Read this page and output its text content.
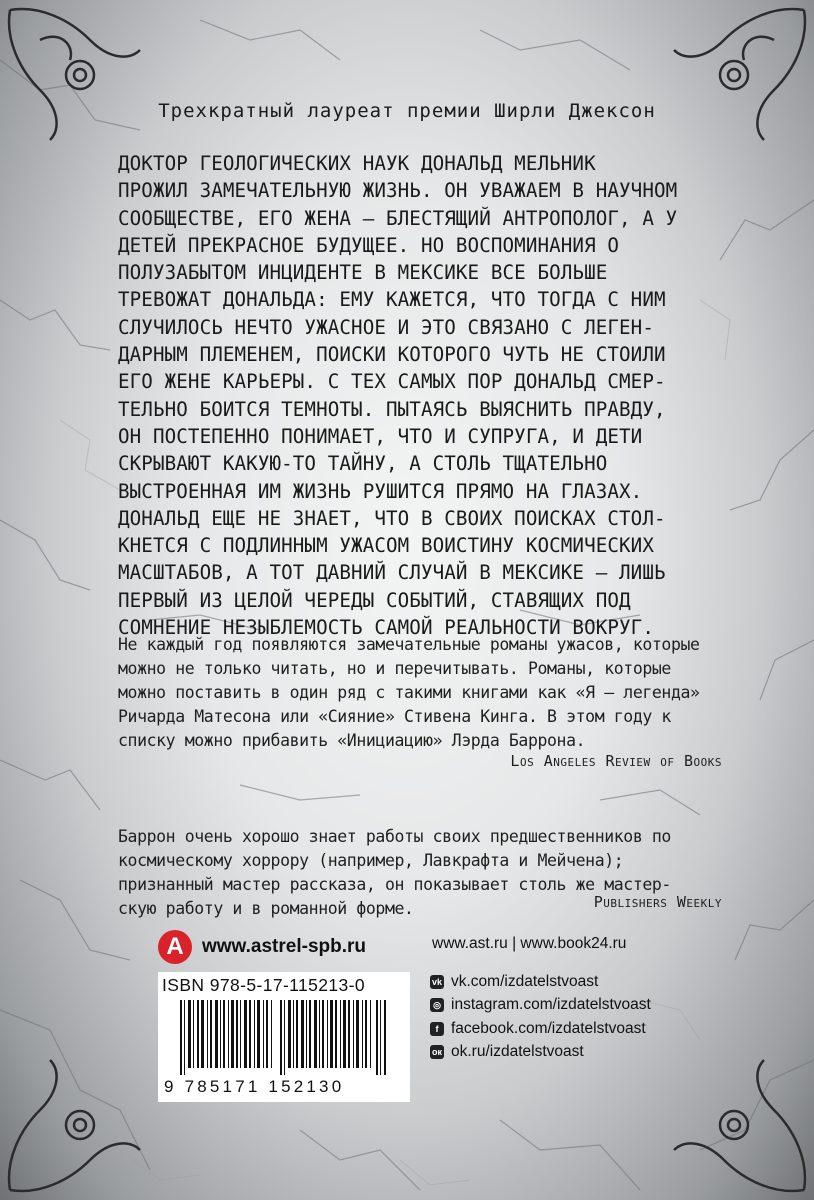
Трехкратный лауреат премии Ширли Джексон
ДОКТОР ГЕОЛОГИЧЕСКИХ НАУК ДОНАЛЬД МЕЛЬНИК
ПРОЖИЛ ЗАМЕЧАТЕЛЬНУЮ ЖИЗНЬ. ОН УВАЖАЕМ В НАУЧНОМ
СООБЩЕСТВЕ, ЕГО ЖЕНА — БЛЕСТЯЩИЙ АНТРОПОЛОГ, А У
ДЕТЕЙ ПРЕКРАСНОЕ БУДУЩЕЕ. НО ВОСПОМИНАНИЯ О
ПОЛУЗАБЫТОМ ИНЦИДЕНТЕ В МЕКСИКЕ ВСЕ БОЛЬШЕ
ТРЕВОЖАТ ДОНАЛЬДА: ЕМУ КАЖЕТСЯ, ЧТО ТОГДА С НИМ
СЛУЧИЛОСЬ НЕЧТО УЖАСНОЕ И ЭТО СВЯЗАНО С ЛЕГЕН-
ДАРНЫМ ПЛЕМЕНЕМ, ПОИСКИ КОТОРОГО ЧУТЬ НЕ СТОИЛИ
ЕГО ЖЕНЕ КАРЬЕРЫ. С ТЕХ САМЫХ ПОР ДОНАЛЬД СМЕР-
ТЕЛЬНО БОИТСЯ ТЕМНОТЫ. ПЫТАЯСЬ ВЫЯСНИТЬ ПРАВДУ,
ОН ПОСТЕПЕННО ПОНИМАЕТ, ЧТО И СУПРУГА, И ДЕТИ
СКРЫВАЮТ КАКУЮ-ТО ТАЙНУ, А СТОЛЬ ТЩАТЕЛЬНО
ВЫСТРОЕННАЯ ИМ ЖИЗНЬ РУШИТСЯ ПРЯМО НА ГЛАЗАХ.
ДОНАЛЬД ЕЩЕ НЕ ЗНАЕТ, ЧТО В СВОИХ ПОИСКАХ СТОЛ-
КНЕТСЯ С ПОДЛИННЫМ УЖАСОМ ВОИСТИНУ КОСМИЧЕСКИХ
МАСШТАБОВ, А ТОТ ДАВНИЙ СЛУЧАЙ В МЕКСИКЕ — ЛИШЬ
ПЕРВЫЙ ИЗ ЦЕЛОЙ ЧЕРЕДЫ СОБЫТИЙ, СТАВЯЩИХ ПОД
СОМНЕНИЕ НЕЗЫБЛЕМОСТЬ САМОЙ РЕАЛЬНОСТИ ВОКРУГ.
Не каждый год появляются замечательные романы ужасов, которые
можно не только читать, но и перечитывать. Романы, которые
можно поставить в один ряд с такими книгами как «Я — легенда»
Ричарда Матесона или «Сияние» Стивена Кинга. В этом году к
списку можно прибавить «Инициацию» Лэрда Баррона.
Los Angeles Review of Books
Баррон очень хорошо знает работы своих предшественников по
космическому хоррору (например, Лавкрафта и Мейчена);
признанный мастер рассказа, он показывает столь же мастер-
скую работу и в романной форме.	Publishers Weekly
A www.astrel-spb.ru	www.ast.ru | www.book24.ru
ISBN 978-5-17-115213-0
9 785171 152130
vk vk.com/izdatelstvoast
◎ instagram.com/izdatelstvoast
f facebook.com/izdatelstvoast
ок ok.ru/izdatelstvoast
